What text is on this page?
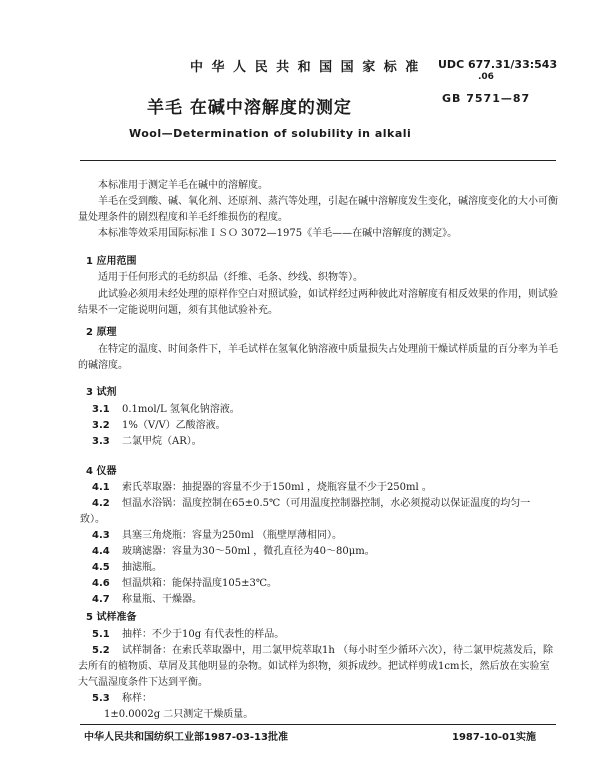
中 华 人 民 共 和 国 国 家 标 准 UDC 677.31/33:543
.06
GB 7571—87
羊毛 在碱中溶解度的测定
Wool—Determination of solubility in alkali
本标准用于测定羊毛在碱中的溶解度。
羊毛在受到酸、碱、氧化剂、还原剂、蒸汽等处理，引起在碱中溶解度发生变化，碱溶度变化的大小可衡量处理条件的剧烈程度和羊毛纤维损伤的程度。
本标准等效采用国际标准ＩＳＯ 3072—1975《羊毛——在碱中溶解度的测定》。
1 应用范围
适用于任何形式的毛纺织品（纤维、毛条、纱线、织物等）。
此试验必须用未经处理的原样作空白对照试验，如试样经过两种彼此对溶解度有相反效果的作用，则试验结果不一定能说明问题，须有其他试验补充。
2 原理
在特定的温度、时间条件下，羊毛试样在氢氧化钠溶液中质量损失占处理前干燥试样质量的百分率为羊毛的碱溶度。
3 试剂
3.1 0.1mol/L 氢氧化钠溶液。
3.2 1%（V/V）乙酸溶液。
3.3 二氯甲烷（AR）。
4 仪器
4.1 索氏萃取器：抽提器的容量不少于150ml ，烧瓶容量不少于250ml 。
4.2 恒温水浴锅：温度控制在65±0.5℃（可用温度控制器控制，水必须搅动以保证温度的均匀一
致）。
4.3 具塞三角烧瓶：容量为250ml （瓶壁厚薄相同）。
4.4 玻璃滤器：容量为30～50ml ，微孔直径为40～80μm。
4.5 抽滤瓶。
4.6 恒温烘箱：能保持温度105±3℃。
4.7 称量瓶、干燥器。
5 试样准备
5.1 抽样：不少于10g 有代表性的样品。
5.2 试样制备：在索氏萃取器中，用二氯甲烷萃取1h （每小时至少循环六次），待二氯甲烷蒸发后，除去所有的植物质、草屑及其他明显的杂物。如试样为织物，须拆成纱。把试样剪成1cm长，然后放在实验室大气温湿度条件下达到平衡。
5.3 称样：
1±0.0002g 二只测定干燥质量。
中华人民共和国纺织工业部1987-03-13批准	1987-10-01实施
